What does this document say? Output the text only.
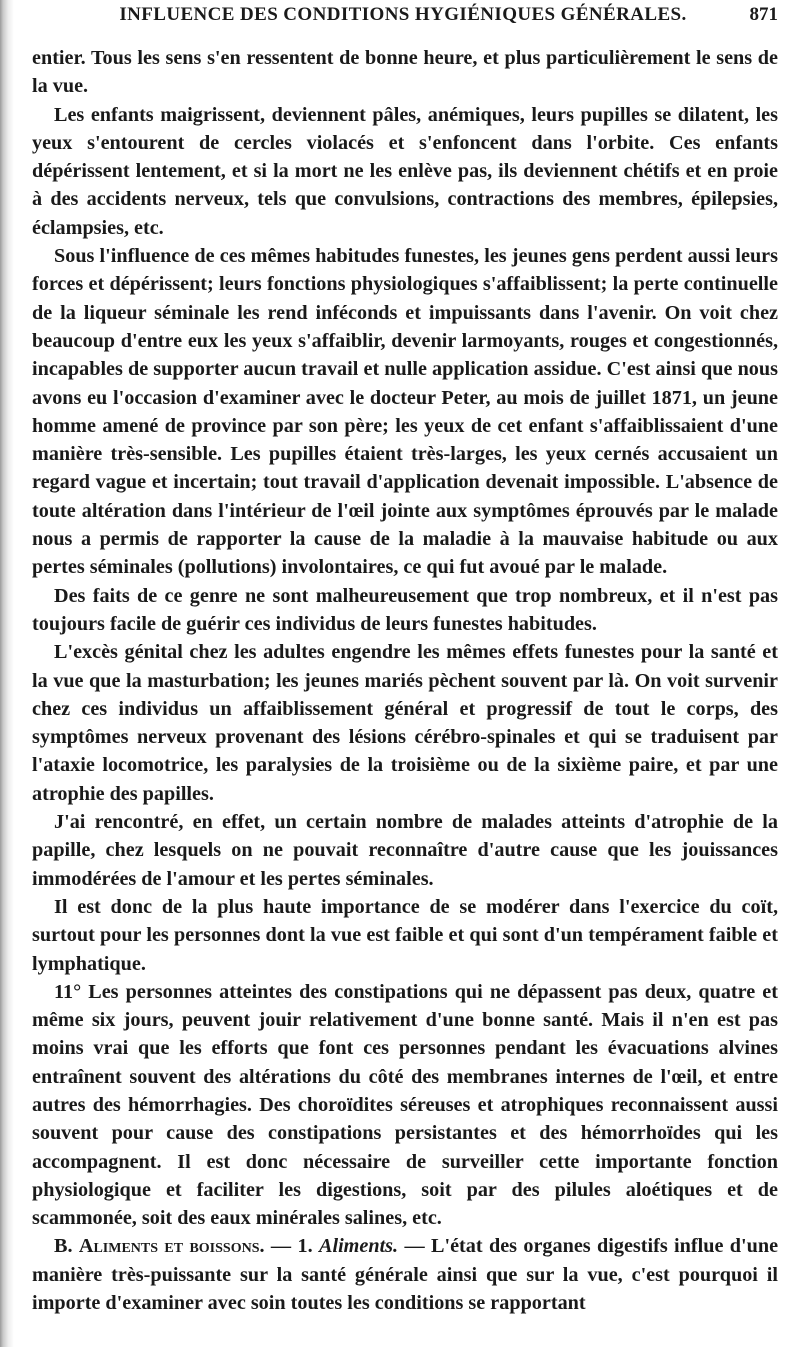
INFLUENCE DES CONDITIONS HYGIÉNIQUES GÉNÉRALES.	871

entier. Tous les sens s'en ressentent de bonne heure, et plus particulièrement le sens de la vue.

Les enfants maigrissent, deviennent pâles, anémiques, leurs pupilles se dilatent, les yeux s'entourent de cercles violacés et s'enfoncent dans l'orbite. Ces enfants dépérissent lentement, et si la mort ne les enlève pas, ils deviennent chétifs et en proie à des accidents nerveux, tels que convulsions, contractions des membres, épilepsies, éclampsies, etc.

Sous l'influence de ces mêmes habitudes funestes, les jeunes gens perdent aussi leurs forces et dépérissent; leurs fonctions physiologiques s'affaiblissent; la perte continuelle de la liqueur séminale les rend inféconds et impuissants dans l'avenir. On voit chez beaucoup d'entre eux les yeux s'affaiblir, devenir larmoyants, rouges et congestionnés, incapables de supporter aucun travail et nulle application assidue. C'est ainsi que nous avons eu l'occasion d'examiner avec le docteur Peter, au mois de juillet 1871, un jeune homme amené de province par son père; les yeux de cet enfant s'affaiblissaient d'une manière très-sensible. Les pupilles étaient très-larges, les yeux cernés accusaient un regard vague et incertain; tout travail d'application devenait impossible. L'absence de toute altération dans l'intérieur de l'œil jointe aux symptômes éprouvés par le malade nous a permis de rapporter la cause de la maladie à la mauvaise habitude ou aux pertes séminales (pollutions) involontaires, ce qui fut avoué par le malade.

Des faits de ce genre ne sont malheureusement que trop nombreux, et il n'est pas toujours facile de guérir ces individus de leurs funestes habitudes.

L'excès génital chez les adultes engendre les mêmes effets funestes pour la santé et la vue que la masturbation; les jeunes mariés pèchent souvent par là. On voit survenir chez ces individus un affaiblissement général et progressif de tout le corps, des symptômes nerveux provenant des lésions cérébro-spinales et qui se traduisent par l'ataxie locomotrice, les paralysies de la troisième ou de la sixième paire, et par une atrophie des papilles.

J'ai rencontré, en effet, un certain nombre de malades atteints d'atrophie de la papille, chez lesquels on ne pouvait reconnaître d'autre cause que les jouissances immodérées de l'amour et les pertes séminales.

Il est donc de la plus haute importance de se modérer dans l'exercice du coït, surtout pour les personnes dont la vue est faible et qui sont d'un tempérament faible et lymphatique.

11° Les personnes atteintes des constipations qui ne dépassent pas deux, quatre et même six jours, peuvent jouir relativement d'une bonne santé. Mais il n'en est pas moins vrai que les efforts que font ces personnes pendant les évacuations alvines entraînent souvent des altérations du côté des membranes internes de l'œil, et entre autres des hémorrhagies. Des choroïdites séreuses et atrophiques reconnaissent aussi souvent pour cause des constipations persistantes et des hémorrhoïdes qui les accompagnent. Il est donc nécessaire de surveiller cette importante fonction physiologique et faciliter les digestions, soit par des pilules aloétiques et de scammonée, soit des eaux minérales salines, etc.

B. Aliments et boissons. — 1. Aliments. — L'état des organes digestifs influe d'une manière très-puissante sur la santé générale ainsi que sur la vue, c'est pourquoi il importe d'examiner avec soin toutes les conditions se rapportant
